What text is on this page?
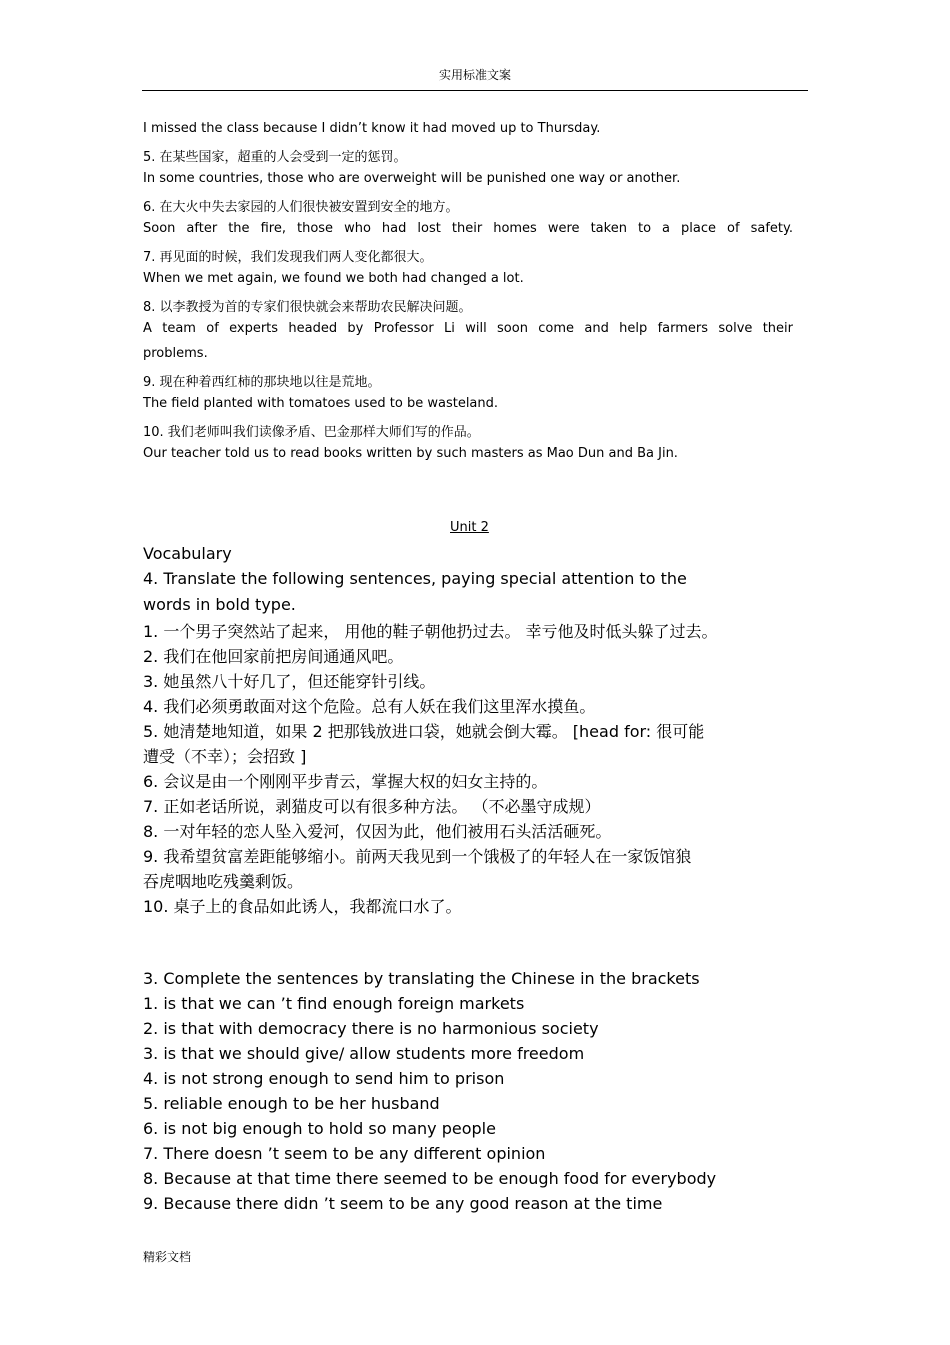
实用标准文案
I missed the class because I didn’t know it had moved up to Thursday.
5. 在某些国家，超重的人会受到一定的惩罚。
In some countries, those who are overweight will be punished one way or another.
6. 在大火中失去家园的人们很快被安置到安全的地方。
Soon after the fire, those who had lost their homes were taken to a place of safety.
7. 再见面的时候，我们发现我们两人变化都很大。
When we met again, we found we both had changed a lot.
8. 以李教授为首的专家们很快就会来帮助农民解决问题。
A team of experts headed by Professor Li will soon come and help farmers solve their
problems.
9. 现在种着西红柿的那块地以往是荒地。
The field planted with tomatoes used to be wasteland.
10. 我们老师叫我们读像矛盾、巴金那样大师们写的作品。
Our teacher told us to read books written by such masters as Mao Dun and Ba Jin.
Unit 2
Vocabulary
4. Translate the following sentences, paying special attention to the
words in bold type.
1. 一个男子突然站了起来， 用他的鞋子朝他扔过去。 幸亏他及时低头躲了过去。
2. 我们在他回家前把房间通通风吧。
3. 她虽然八十好几了，但还能穿针引线。
4. 我们必须勇敢面对这个危险。总有人妖在我们这里浑水摸鱼。
5. 她清楚地知道，如果 2 把那钱放进口袋，她就会倒大霉。 [head for: 很可能
遭受（不幸）；会招致 ]
6. 会议是由一个刚刚平步青云，掌握大权的妇女主持的。
7. 正如老话所说，剥猫皮可以有很多种方法。 （不必墨守成规）
8. 一对年轻的恋人坠入爱河，仅因为此，他们被用石头活活砸死。
9. 我希望贫富差距能够缩小。前两天我见到一个饿极了的年轻人在一家饭馆狼
吞虎咽地吃残羹剩饭。
10. 桌子上的食品如此诱人，我都流口水了。
3. Complete the sentences by translating the Chinese in the brackets
1. is that we can ’t find enough foreign markets
2. is that with democracy there is no harmonious society
3. is that we should give/ allow students more freedom
4. is not strong enough to send him to prison
5. reliable enough to be her husband
6. is not big enough to hold so many people
7. There doesn ’t seem to be any different opinion
8. Because at that time there seemed to be enough food for everybody
9. Because there didn ’t seem to be any good reason at the time
精彩文档
